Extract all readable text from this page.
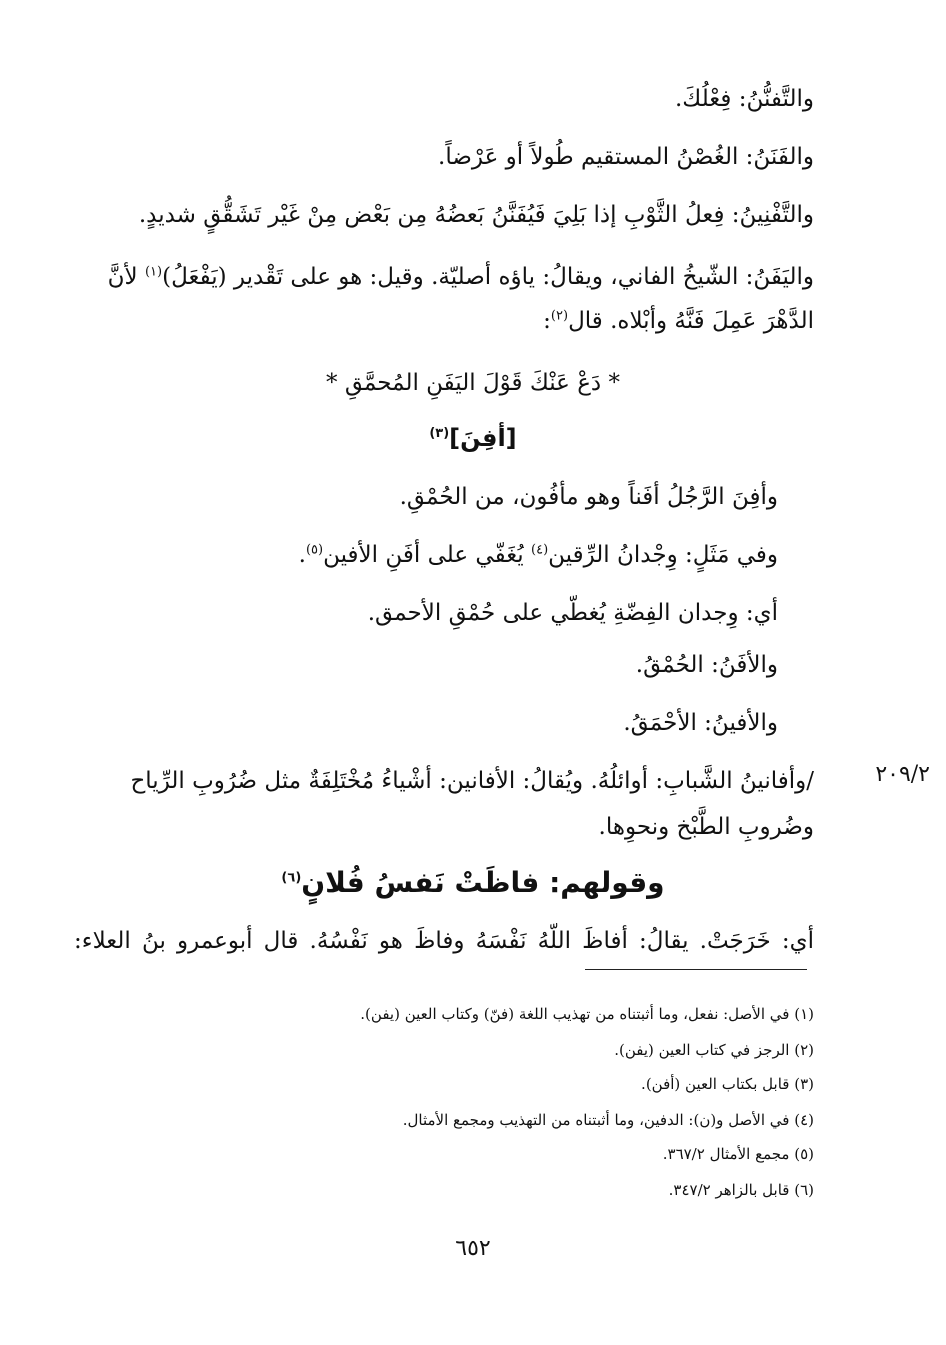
والتَّفنُّنُ: فِعْلُكَ.
والفَنَنُ: الغُصْنُ المستقيم طُولاً أو عَرْضاً.
والتَّفْنِينُ: فِعلُ الثَّوْبِ إذا بَلِيَ فَيُفَنَّنُ بَعضُهُ مِن بَعْض مِنْ غَيْر تَشَقُّقٍ شديدٍ.
واليَفَنُ: الشّيخُ الفاني، ويقالُ: ياؤه أصليّة. وقيل: هو على تَقْدير (يَفْعَلُ)$^{(١)}$ لأنَّ
الدَّهْرَ عَمِلَ فَنَّهُ وأبْلاه. قال$^{(٢)}$:
* دَعْ عَنْكَ قَوْلَ اليَفَنِ المُحمَّقِ *
[أفِنَ]$^{(٣)}$
وأفِنَ الرَّجُلُ أفَناً وهو مأفُون، من الحُمْقِ.
وفي مَثَلٍ: وِجْدانُ الرِّقين$^{(٤)}$ يُغَفّي على أفَنِ الأفين$^{(٥)}$.
أي: وِجدان الفِضّةِ يُغطّي على حُمْقِ الأحمق.
والأفَنُ: الحُمْقُ.
والأفينُ: الأحْمَقُ.
٢٠٩/٢
/وأفانينُ الشَّبابِ: أوائلُهُ. ويُقالُ: الأفانين: أشْياءُ مُخْتَلِفَةٌ مثل ضُرُوبِ الرِّياح
وضُروبِ الطَّبْخ ونحوِها.
وقولهم: فاظَتْ نَفسُ فُلانٍ$^{(٦)}$
أي: خَرَجَتْ. يقالُ: أفاظَ اللّهُ نَفْسَهُ وفاظَ هو نَفْسُهُ. قال أبوعمرو بنُ العلاء:
(١) في الأصل: نفعل، وما أثبتناه من تهذيب اللغة (فنّ) وكتاب العين (يفن).
(٢) الرجز في كتاب العين (يفن).
(٣) قابل بكتاب العين (أفن).
(٤) في الأصل و(ن): الدفين، وما أثبتناه من التهذيب ومجمع الأمثال.
(٥) مجمع الأمثال ٣٦٧/٢.
(٦) قابل بالزاهر ٣٤٧/٢.
٦٥٢
